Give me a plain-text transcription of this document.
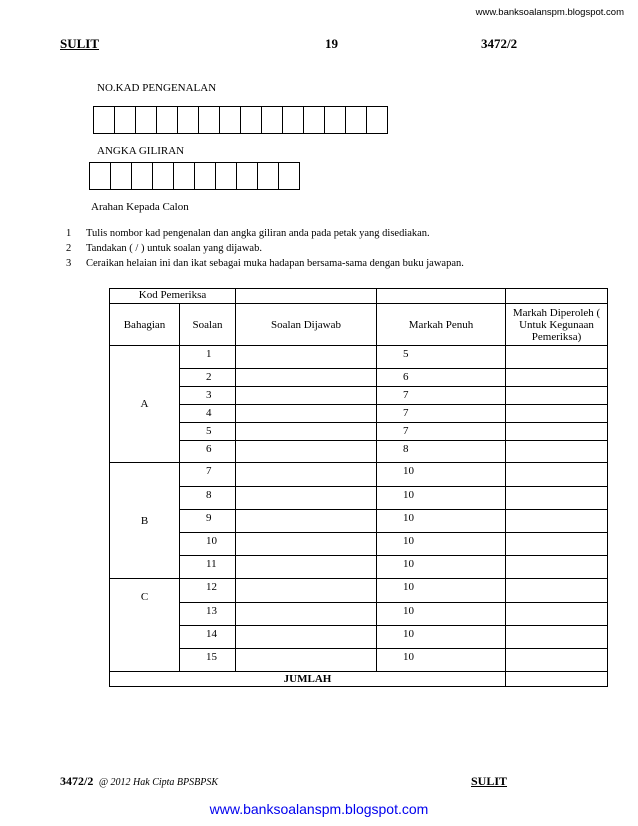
www.banksoalanspm.blogspot.com
SULIT	19	3472/2
NO.KAD PENGENALAN
ANGKA GILIRAN
Arahan Kepada Calon
1 Tulis nombor kad pengenalan dan angka giliran anda pada petak yang disediakan.
2 Tandakan ( / ) untuk soalan yang dijawab.
3 Ceraikan helaian ini dan ikat sebagai muka hadapan bersama-sama dengan buku jawapan.
Kod Pemeriksa				
Bahagian	Soalan	Soalan Dijawab	Markah Penuh	Markah Diperoleh ( Untuk Kegunaan Pemeriksa)
A	1		5	
	2		6	
	3		7	
	4		7	
	5		7	
	6		8	
B	7		10	
	8		10	
	9		10	
	10		10	
	11		10	
C	12		10	
	13		10	
	14		10	
	15		10	
JUMLAH				
3472/2 @ 2012 Hak Cipta BPSBPSK	SULIT
www.banksoalanspm.blogspot.com
